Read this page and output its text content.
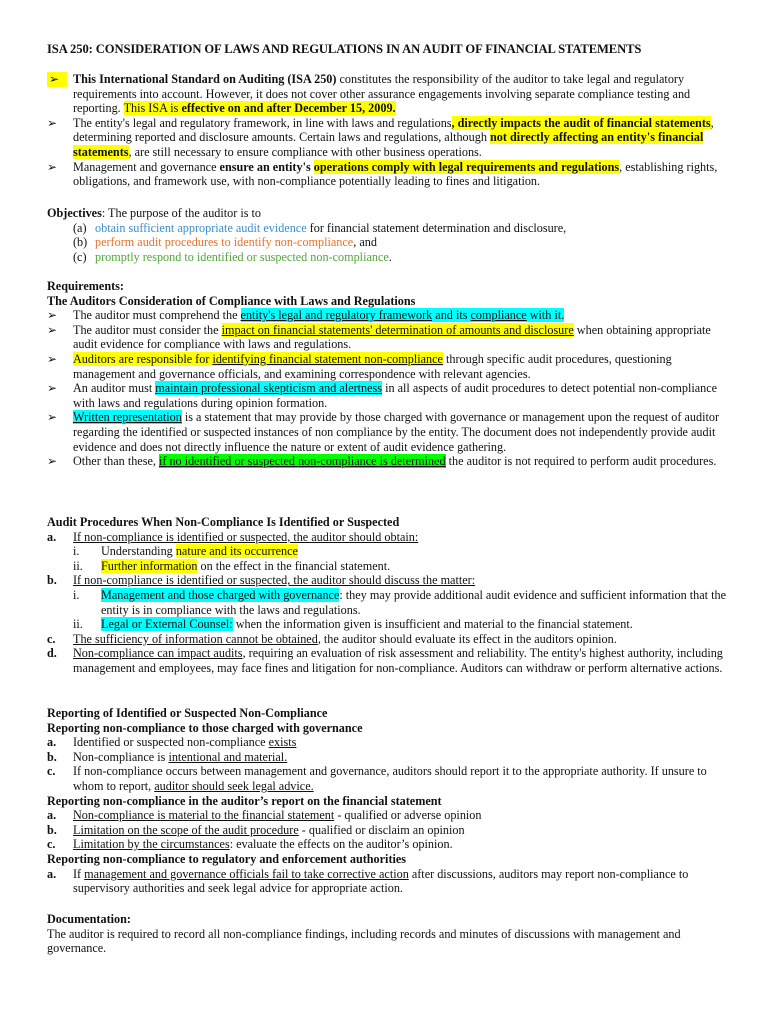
ISA 250: CONSIDERATION OF LAWS AND REGULATIONS IN AN AUDIT OF FINANCIAL STATEMENTS
➢	This International Standard on Auditing (ISA 250) constitutes the responsibility of the auditor to take legal and regulatory requirements into account. However, it does not cover other assurance engagements involving separate compliance testing and reporting. This ISA is effective on and after December 15, 2009.
➢	The entity's legal and regulatory framework, in line with laws and regulations, directly impacts the audit of financial statements, determining reported and disclosure amounts. Certain laws and regulations, although not directly affecting an entity's financial statements, are still necessary to ensure compliance with other business operations.
➢	Management and governance ensure an entity's operations comply with legal requirements and regulations, establishing rights, obligations, and framework use, with non-compliance potentially leading to fines and litigation.
Objectives: The purpose of the auditor is to
(a) obtain sufficient appropriate audit evidence for financial statement determination and disclosure,
(b) perform audit procedures to identify non-compliance, and
(c) promptly respond to identified or suspected non-compliance.
Requirements:
The Auditors Consideration of Compliance with Laws and Regulations
➢	The auditor must comprehend the entity's legal and regulatory framework and its compliance with it.
➢	The auditor must consider the impact on financial statements' determination of amounts and disclosure when obtaining appropriate audit evidence for compliance with laws and regulations.
➢	Auditors are responsible for identifying financial statement non-compliance through specific audit procedures, questioning management and governance officials, and examining correspondence with relevant agencies.
➢	An auditor must maintain professional skepticism and alertness in all aspects of audit procedures to detect potential non-compliance with laws and regulations during opinion formation.
➢	Written representation is a statement that may provide by those charged with governance or management upon the request of auditor regarding the identified or suspected instances of non compliance by the entity. The document does not independently provide audit evidence and does not directly influence the nature or extent of audit evidence gathering.
➢	Other than these, if no identified or suspected non-compliance is determined the auditor is not required to perform audit procedures.
Audit Procedures When Non-Compliance Is Identified or Suspected
a. If non-compliance is identified or suspected, the auditor should obtain:
i. Understanding nature and its occurrence
ii. Further information on the effect in the financial statement.
b. If non-compliance is identified or suspected, the auditor should discuss the matter:
i. Management and those charged with governance: they may provide additional audit evidence and sufficient information that the entity is in compliance with the laws and regulations.
ii. Legal or External Counsel: when the information given is insufficient and material to the financial statement.
c. The sufficiency of information cannot be obtained, the auditor should evaluate its effect in the auditors opinion.
d. Non-compliance can impact audits, requiring an evaluation of risk assessment and reliability. The entity's highest authority, including management and employees, may face fines and litigation for non-compliance. Auditors can withdraw or perform alternative actions.
Reporting of Identified or Suspected Non-Compliance
Reporting non-compliance to those charged with governance
a. Identified or suspected non-compliance exists
b. Non-compliance is intentional and material.
c. If non-compliance occurs between management and governance, auditors should report it to the appropriate authority. If unsure to whom to report, auditor should seek legal advice.
Reporting non-compliance in the auditor’s report on the financial statement
a. Non-compliance is material to the financial statement - qualified or adverse opinion
b. Limitation on the scope of the audit procedure - qualified or disclaim an opinion
c. Limitation by the circumstances: evaluate the effects on the auditor’s opinion.
Reporting non-compliance to regulatory and enforcement authorities
a. If management and governance officials fail to take corrective action after discussions, auditors may report non-compliance to supervisory authorities and seek legal advice for appropriate action.
Documentation:
The auditor is required to record all non-compliance findings, including records and minutes of discussions with management and governance.
